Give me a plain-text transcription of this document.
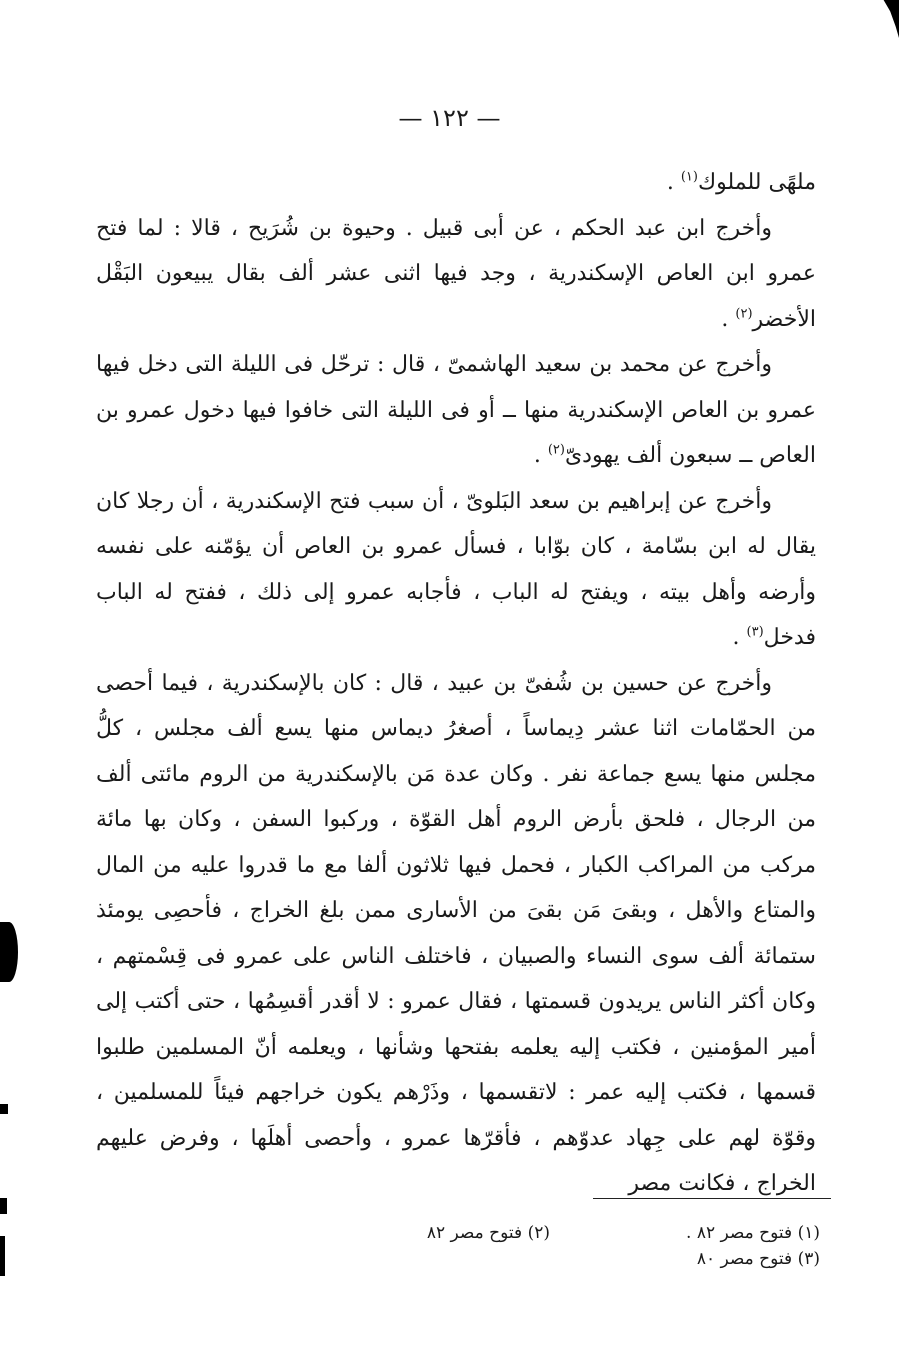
— ١٢٢ —

ملهًى للملوك$^{(١)}$ .

وأخرج ابن عبد الحكم ، عن أبى قبيل . وحيوة بن شُرَيح ، قالا : لما فتح عمرو ابن العاص الإسكندرية ، وجد فيها اثنى عشر ألف بقال يبيعون البَقْل الأخضر$^{(٢)}$ .

وأخرج عن محمد بن سعيد الهاشمىّ ، قال : ترحّل فى الليلة التى دخل فيها عمرو بن العاص الإسكندرية منها ــ أو فى الليلة التى خافوا فيها دخول عمرو بن العاص ــ سبعون ألف يهودىّ$^{(٢)}$ .

وأخرج عن إبراهيم بن سعد البَلوىّ ، أن سبب فتح الإسكندرية ، أن رجلا كان يقال له ابن بسّامة ، كان بوّابا ، فسأل عمرو بن العاص أن يؤمّنه على نفسه وأرضه وأهل بيته ، ويفتح له الباب ، فأجابه عمرو إلى ذلك ، ففتح له الباب فدخل$^{(٣)}$ .

وأخرج عن حسين بن شُفىّ بن عبيد ، قال : كان بالإسكندرية ، فيما أحصى من الحمّامات اثنا عشر دِيماساً ، أصغرُ ديماس منها يسع ألف مجلس ، كلُّ مجلس منها يسع جماعة نفر . وكان عدة مَن بالإسكندرية من الروم مائتى ألف من الرجال ، فلحق بأرض الروم أهل القوّة ، وركبوا السفن ، وكان بها مائة مركب من المراكب الكبار ، فحمل فيها ثلاثون ألفا مع ما قدروا عليه من المال والمتاع والأهل ، وبقىَ مَن بقىَ من الأسارى ممن بلغ الخراج ، فأحصِى يومئذ ستمائة ألف سوى النساء والصبيان ، فاختلف الناس على عمرو فى قِسْمتهم ، وكان أكثر الناس يريدون قسمتها ، فقال عمرو : لا أقدر أقسِمُها ، حتى أكتب إلى أمير المؤمنين ، فكتب إليه يعلمه بفتحها وشأنها ، ويعلمه أنّ المسلمين طلبوا قسمها ، فكتب إليه عمر : لاتقسمها ، وذَرْهم يكون خراجهم فيئاً للمسلمين ، وقوّة لهم على جِهاد عدوّهم ، فأقرّها عمرو ، وأحصى أهلَها ، وفرض عليهم الخراج ، فكانت مصر

(١) فتوح مصر ٨٢ .
(٢) فتوح مصر ٨٢
(٣) فتوح مصر ٨٠
